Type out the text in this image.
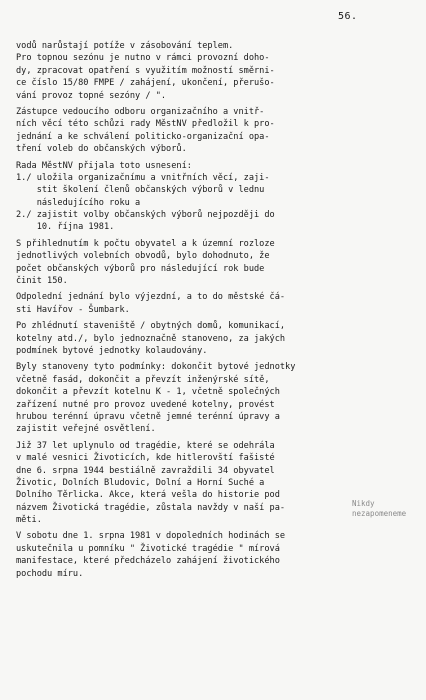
56.
vodů narůstají potíže v zásobování teplem.
Pro topnou sezónu je nutno v rámci provozní doho-
dy, zpracovat opatření s využitím možností směrni-
ce číslo 15/80 FMPE / zahájení, ukončení, přerušo-
vání provoz topné sezóny / ".
Zástupce vedoucího odboru organizačního a vnitř-
ních věcí této schůzi rady MěstNV předložil k pro-
jednání a ke schválení politicko-organizační opa-
tření voleb do občanských výborů.
Rada MěstNV přijala toto usnesení:
1./ uložila organizačnímu a vnitřních věcí, zaji-
stit školení členů občanských výborů v lednu
následujícího roku a
2./ zajistit volby občanských výborů nejpozději do
10. října 1981.
S přihlednutím k počtu obyvatel a k územní rozloze
jednotlivých volebních obvodů, bylo dohodnuto, že
počet občanských výborů pro následující rok bude
činit 150.
Odpolední jednání bylo výjezdní, a to do městské čá-
sti Havířov - Šumbark.
Po zhlédnutí staveniště / obytných domů, komunikací,
kotelny atd./, bylo jednoznačně stanoveno, za jakých
podmínek bytové jednotky kolaudovány.
Byly stanoveny tyto podmínky: dokončit bytové jednotky
včetně fasád, dokončit a převzít inženýrské sítě,
dokončit a převzít kotelnu K - 1, včetně společných
zařízení nutné pro provoz uvedené kotelny, provést
hrubou terénní úpravu včetně jemné terénní úpravy a
zajistit veřejné osvětlení.
Již 37 let uplynulo od tragédie, které se odehrála
v malé vesnici Životicích, kde hitlerovští fašisté
dne 6. srpna 1944 bestiálně zavraždili 34 obyvatel
Životic, Dolních Bludovic, Dolní a Horní Suché a
Dolního Těrlicka. Akce, která vešla do historie pod
názvem Životická tragédie, zůstala navždy v naší pa-
měti.
V sobotu dne 1. srpna 1981 v dopoledních hodinách se
uskutečnila u pomníku " Životické tragédie " mírová
manifestace, které předcházelo zahájení životického
pochodu míru.
Nikdy
nezapomeneme
